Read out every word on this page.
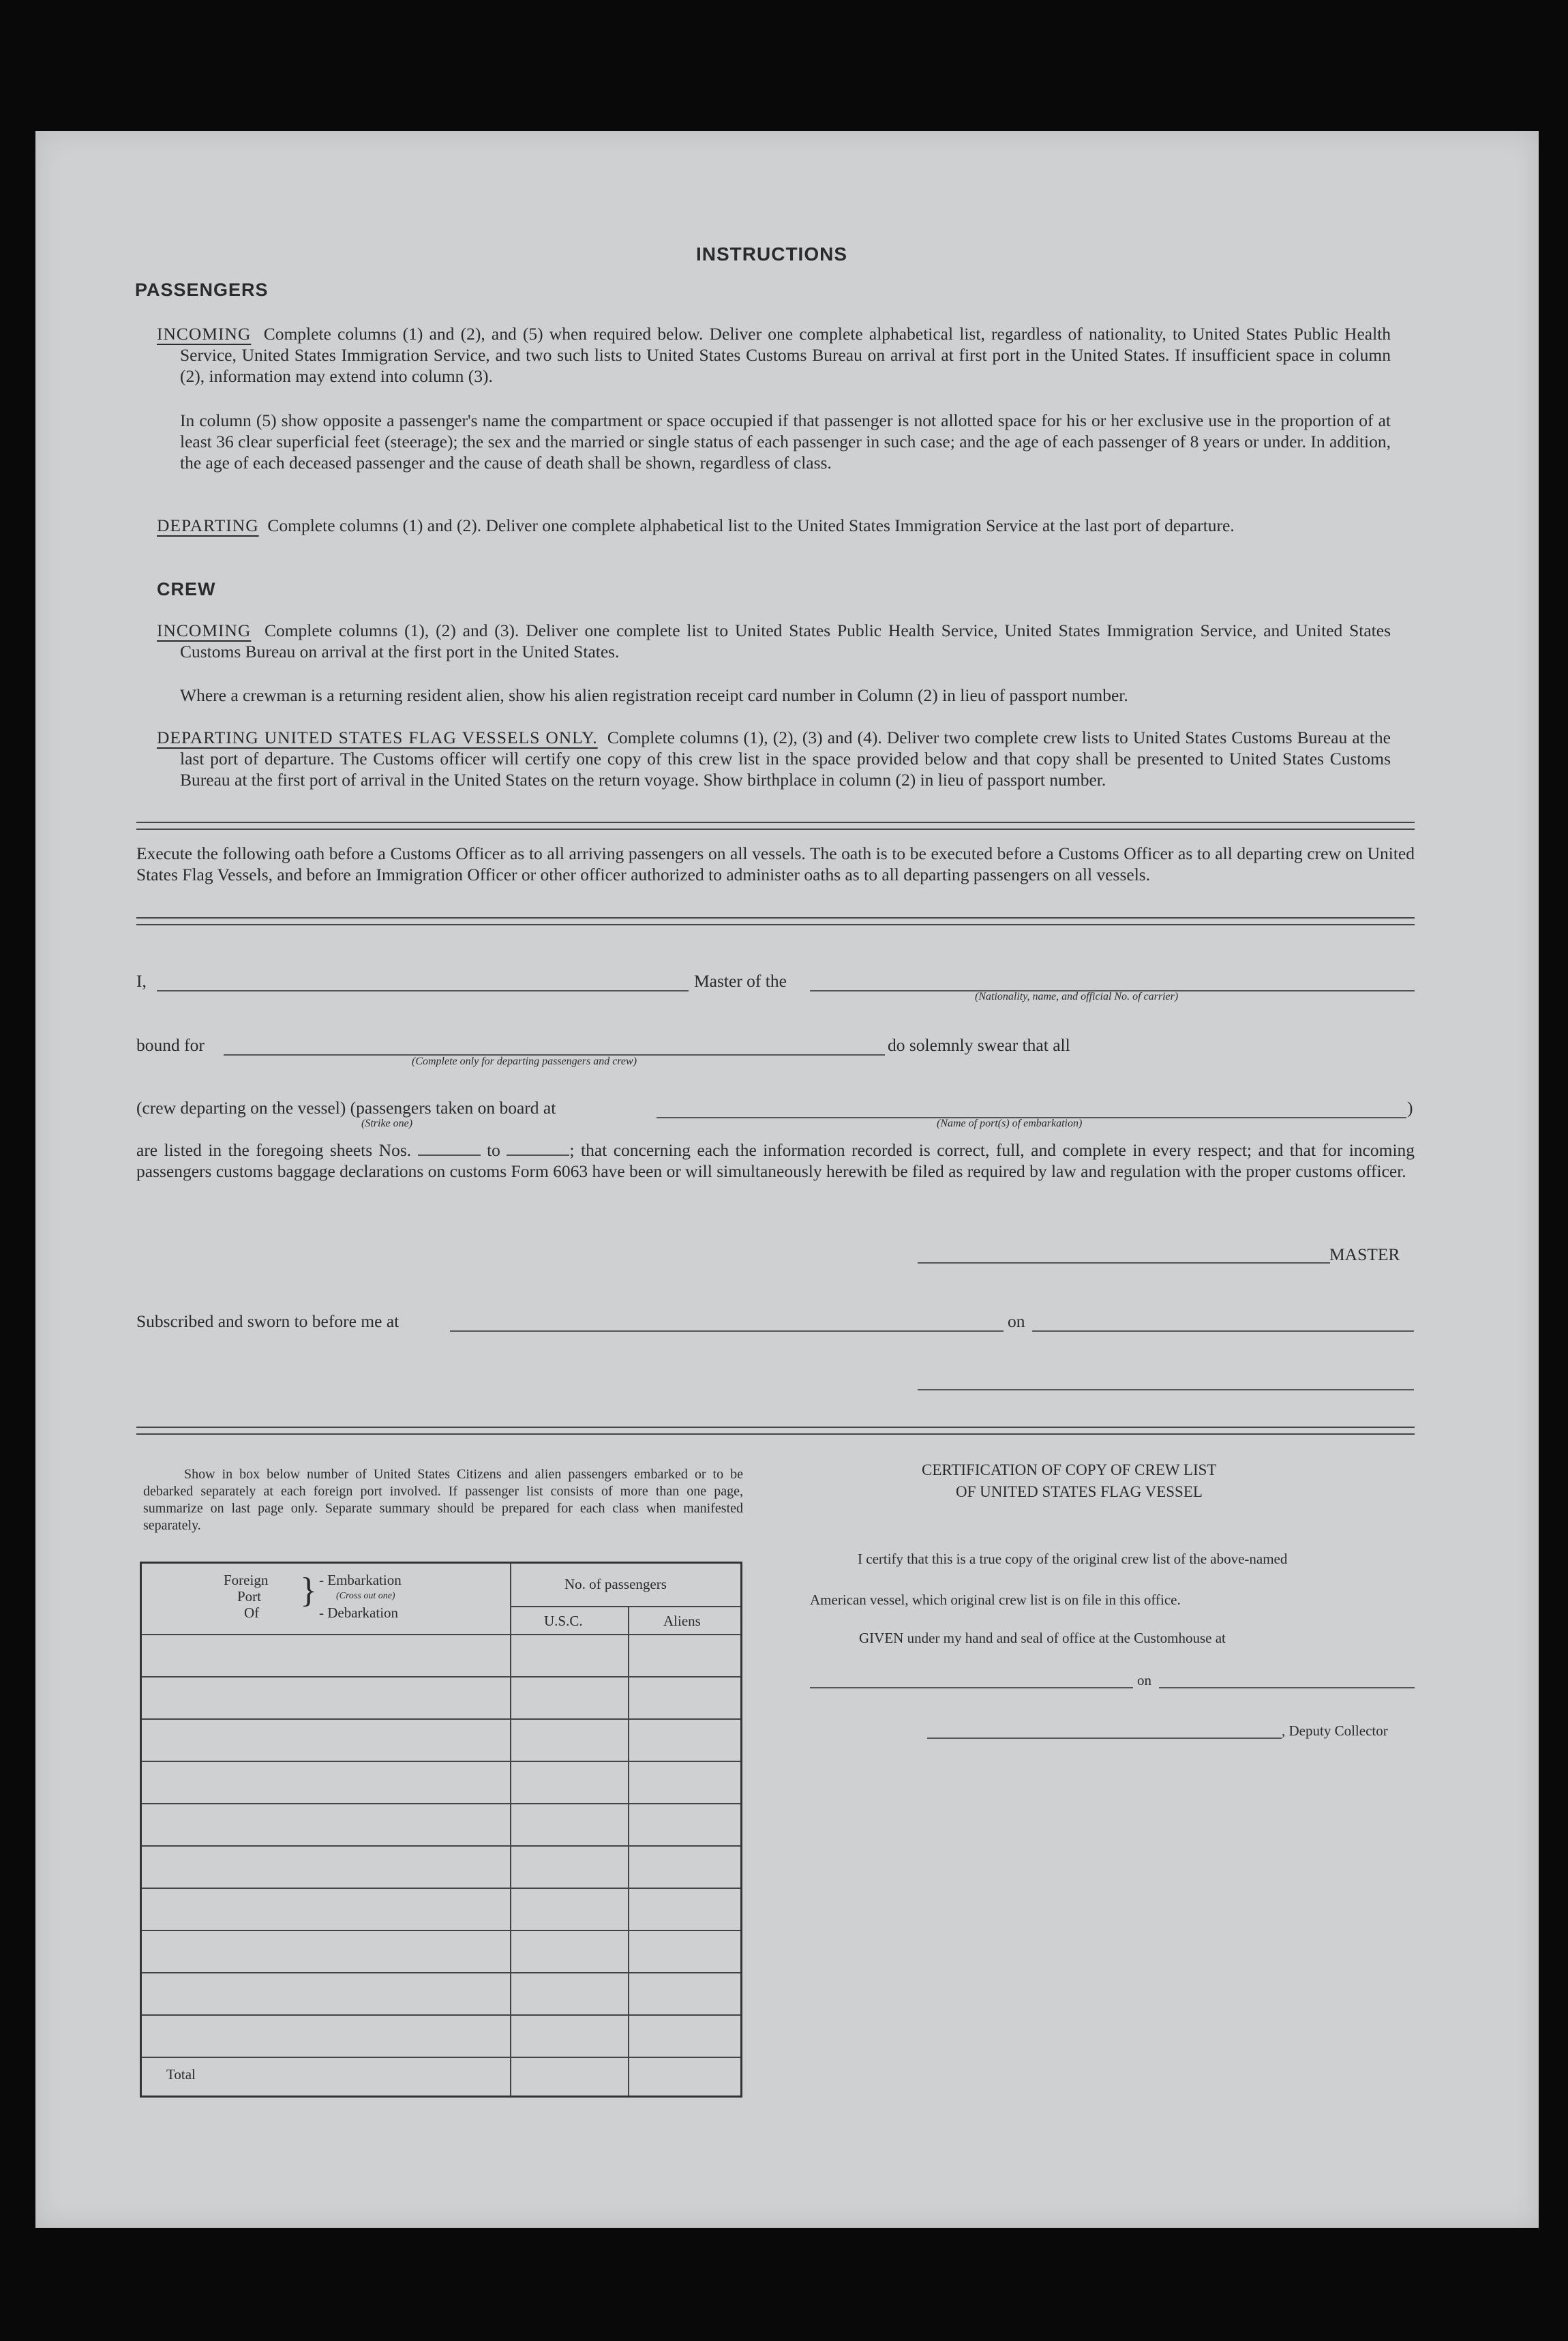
INSTRUCTIONS
PASSENGERS
INCOMING Complete columns (1) and (2), and (5) when required below. Deliver one complete alphabetical list, regardless of nationality, to United States Public Health Service, United States Immigration Service, and two such lists to United States Customs Bureau on arrival at first port in the United States. If insufficient space in column (2), information may extend into column (3).
In column (5) show opposite a passenger's name the compartment or space occupied if that passenger is not allotted space for his or her exclusive use in the proportion of at least 36 clear superficial feet (steerage); the sex and the married or single status of each passenger in such case; and the age of each passenger of 8 years or under. In addition, the age of each deceased passenger and the cause of death shall be shown, regardless of class.
DEPARTING Complete columns (1) and (2). Deliver one complete alphabetical list to the United States Immigration Service at the last port of departure.
CREW
INCOMING Complete columns (1), (2) and (3). Deliver one complete list to United States Public Health Service, United States Immigration Service, and United States Customs Bureau on arrival at the first port in the United States.
Where a crewman is a returning resident alien, show his alien registration receipt card number in Column (2) in lieu of passport number.
DEPARTING UNITED STATES FLAG VESSELS ONLY. Complete columns (1), (2), (3) and (4). Deliver two complete crew lists to United States Customs Bureau at the last port of departure. The Customs officer will certify one copy of this crew list in the space provided below and that copy shall be presented to United States Customs Bureau at the first port of arrival in the United States on the return voyage. Show birthplace in column (2) in lieu of passport number.
Execute the following oath before a Customs Officer as to all arriving passengers on all vessels. The oath is to be executed before a Customs Officer as to all departing crew on United States Flag Vessels, and before an Immigration Officer or other officer authorized to administer oaths as to all departing passengers on all vessels.
I,	Master of the
(Nationality, name, and official No. of carrier)
bound for
(Complete only for departing passengers and crew)
do solemnly swear that all
(crew departing on the vessel) (passengers taken on board at	)
(Strike one)	(Name of port(s) of embarkation)
are listed in the foregoing sheets Nos.	to	; that concerning each the information recorded is correct, full, and complete in every respect; and that for incoming passengers customs baggage declarations on customs Form 6063 have been or will simultaneously herewith be filed as required by law and regulation with the proper customs officer.
MASTER
Subscribed and sworn to before me at	on
Show in box below number of United States Citizens and alien passengers embarked or to be debarked separately at each foreign port involved. If passenger list consists of more than one page, summarize on last page only. Separate summary should be prepared for each class when manifested separately.
Foreign
Port
Of
} - Embarkation
(Cross out one)
- Debarkation
No. of passengers
U.S.C.	Aliens
Total
CERTIFICATION OF COPY OF CREW LIST
OF UNITED STATES FLAG VESSEL
I certify that this is a true copy of the original crew list of the above-named
American vessel, which original crew list is on file in this office.
GIVEN under my hand and seal of office at the Customhouse at
on
, Deputy Collector
